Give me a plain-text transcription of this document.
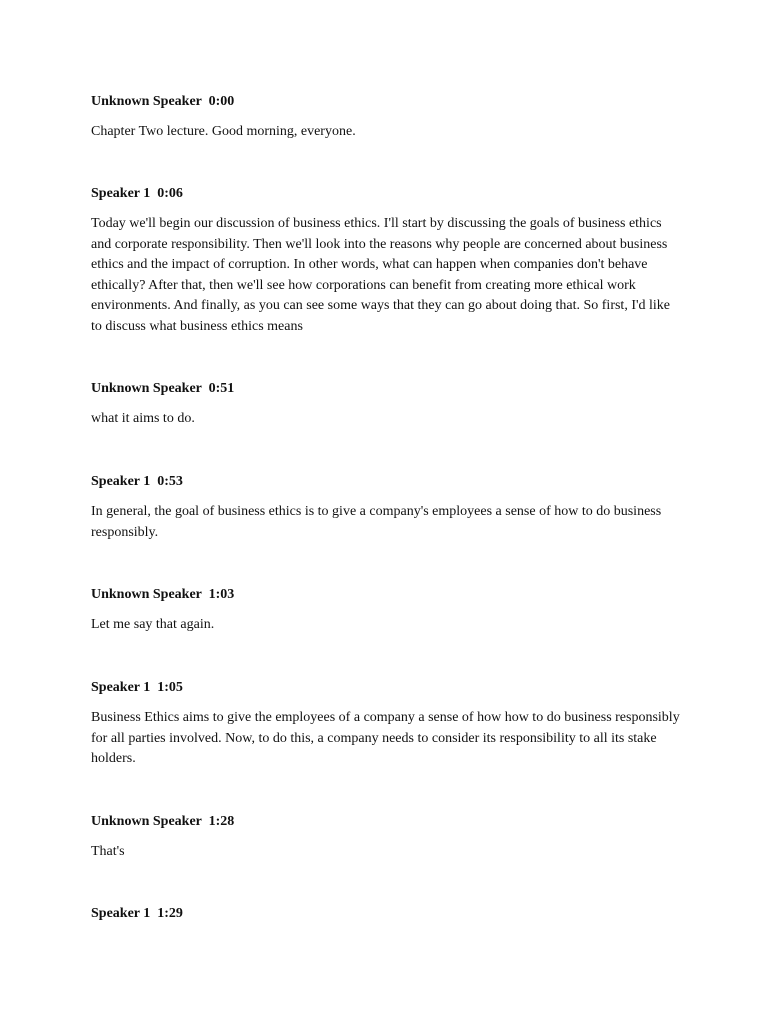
Unknown Speaker  0:00

Chapter Two lecture. Good morning, everyone.

Speaker 1  0:06

Today we'll begin our discussion of business ethics. I'll start by discussing the goals of business ethics and corporate responsibility. Then we'll look into the reasons why people are concerned about business ethics and the impact of corruption. In other words, what can happen when companies don't behave ethically? After that, then we'll see how corporations can benefit from creating more ethical work environments. And finally, as you can see some ways that they can go about doing that. So first, I'd like to discuss what business ethics means

Unknown Speaker  0:51

what it aims to do.

Speaker 1  0:53

In general, the goal of business ethics is to give a company's employees a sense of how to do business responsibly.

Unknown Speaker  1:03

Let me say that again.

Speaker 1  1:05

Business Ethics aims to give the employees of a company a sense of how how to do business responsibly for all parties involved. Now, to do this, a company needs to consider its responsibility to all its stake holders.

Unknown Speaker  1:28

That's

Speaker 1  1:29
